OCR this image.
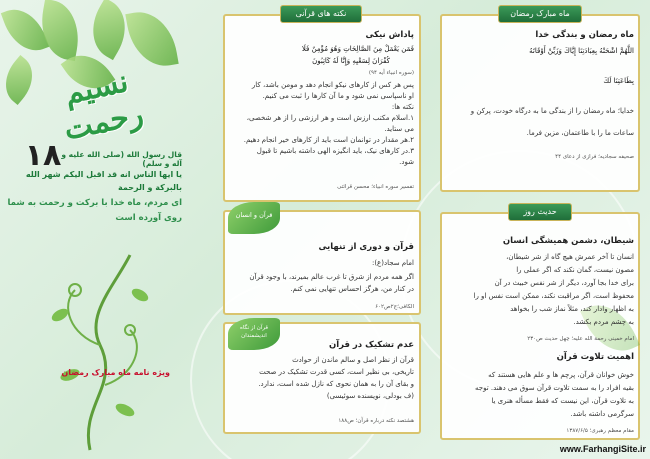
نسیم رحمت
۱۸ قال رسول الله (صلی الله علیه و آله و سلم)
یا ایها الناس انه قد اقبل الیکم شهر الله بالبرکة و الرحمة
ای مردم، ماه خدا با برکت و رحمت به شما روی آورده است
ویژه نامه ماه مبارک رمضان
نکته های قرآنی
پاداش نیکی
فَمَن یَعْمَلْ مِنَ الصَّالِحَاتِ وَهُوَ مُؤْمِنٌ فَلَا
كُفْرَانَ لِسَعْیِهِ وَإِنَّا لَهُ كَاتِبُونَ
(سوره انبیاء آیه ۹۴)
پس هر کس از کارهای نیکو انجام دهد و مومن باشد، کار
او ناسپاسی نمی شود و ما آن کارها را ثبت می کنیم.
نکته ها:
۱.اسلام مکتب ارزش است و هر ارزشی را از هر شخصی،
می ستاید.
۲.هر مقدار در توانمان است باید از کارهای خیر انجام دهیم.
۳.در کارهای نیک، باید انگیزه الهی داشته باشیم تا قبول
شود.
تفسیر سوره انبیاء؛ محسن قرائتی
قرآن و انسان
قرآن و دوری از تنهایی
امام سجاد(ع):
اگر همه مردم از شرق تا غرب عالم بمیرند، با وجود قرآن
در کنار من، هرگز احساس تنهایی نمی کنم.
الکافی؛ج۲ص۶۰۲
قرآن از نگاه اندیشمندان
عدم تشکیک در قرآن
قرآن از نظر اصل و سالم ماندن از حوادث
تاریخی، بی نظیر است، کسی قدرت تشکیک در صحت
و بقای آن را به همان نحوی که نازل شده است، ندارد.
(ف بودلی، نویسنده سوئیسی)
هشتصد نکته درباره قرآن؛ ص۱۸۸
ماه مبارک رمضان
ماه رمضان و بندگی خدا
اللَّهُمَّ اشْحَنْهُ بِعِبَادَتِنَا إِيَّاكَ وَزَيِّنْ أَوْقَاتَهُ
بِطَاعَتِنَا لَكَ
خدایا؛ ماه رمضان را از بندگی ما به درگاه خودت، پرکن و
ساعات ما را با طاعتمان، مزین فرما.
صحیفه سجادیه؛ فرازی از دعای ۴۴
حدیث روز
شیطان، دشمن همیشگی انسان
انسان تا آخر عمرش هیچ گاه از شر شیطان،
مصون نیست، گمان نکند که اگر عملی را
برای خدا بجا آورد، دیگر از شر نفس خبیث در آن
محفوظ است، اگر مراقبت نکند، ممکن است نفس او را
به اظهار وادار کند، مثلاً نماز شب را بخواهد
به چشم مردم بکشد.
امام خمینی رحمة الله علیه؛ چهل حدیث ص۲۳۰
اهمیت تلاوت قرآن
خوش خوانان قرآن، پرچم ها و علم هایی هستند که
بقیه افراد را به سمت تلاوت قرآن سوق می دهند. توجه
به تلاوت قرآن، این نیست که فقط مسأله هنری یا
سرگرمی داشته باشد.
مقام معظم رهبری؛ ۱۳۸۷/۶/۵
www.FarhangiSite.ir
